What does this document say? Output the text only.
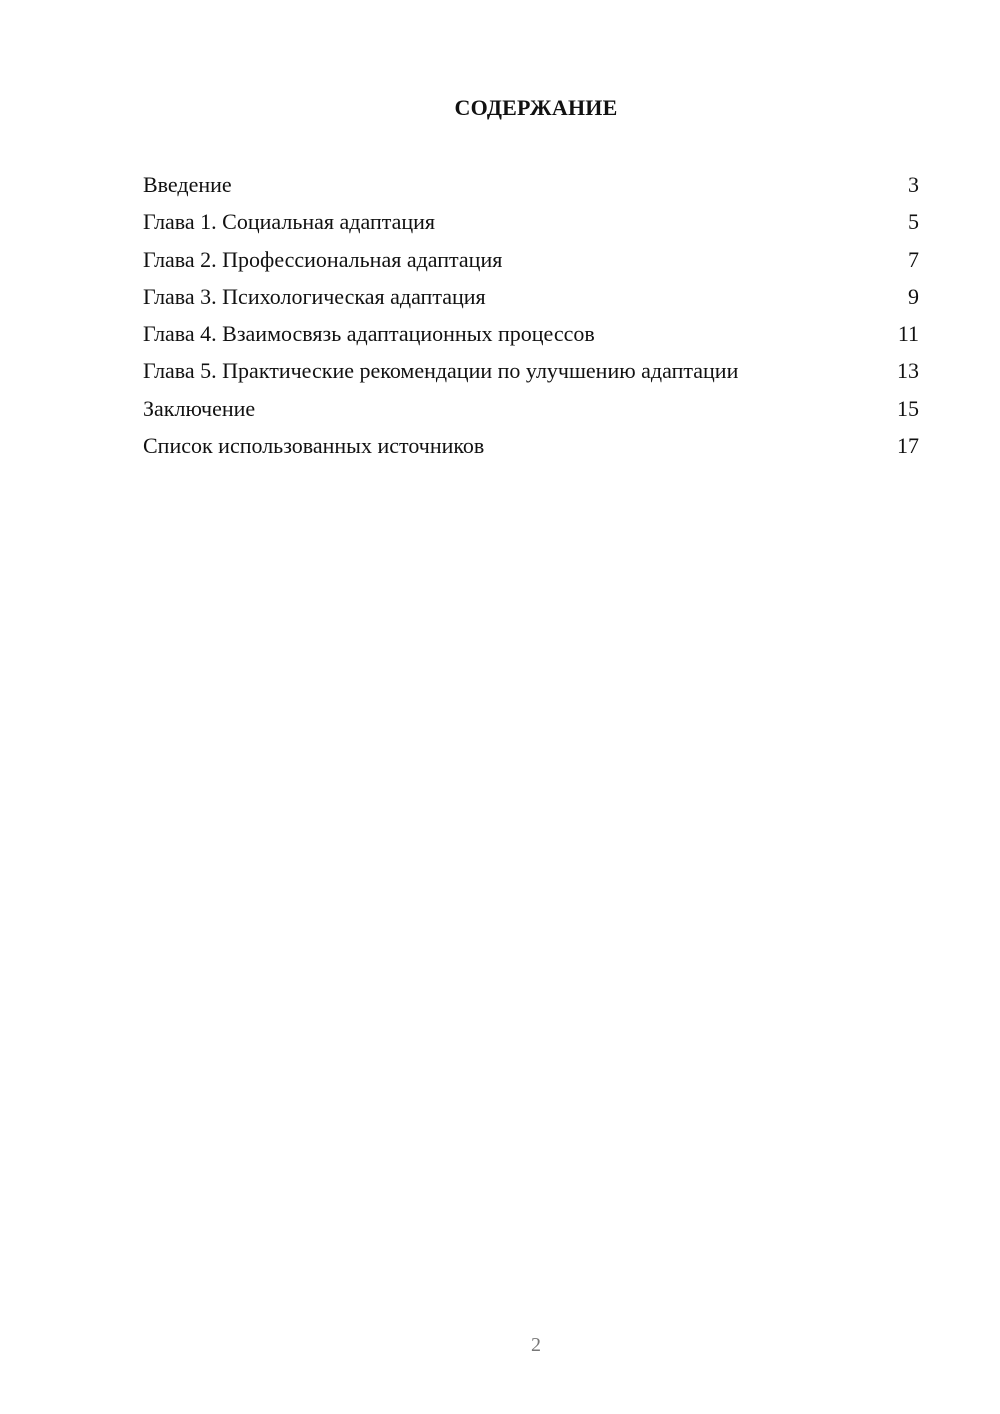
СОДЕРЖАНИЕ
Введение	3
Глава 1. Социальная адаптация	5
Глава 2. Профессиональная адаптация	7
Глава 3. Психологическая адаптация	9
Глава 4. Взаимосвязь адаптационных процессов	11
Глава 5. Практические рекомендации по улучшению адаптации	13
Заключение	15
Список использованных источников	17
2
